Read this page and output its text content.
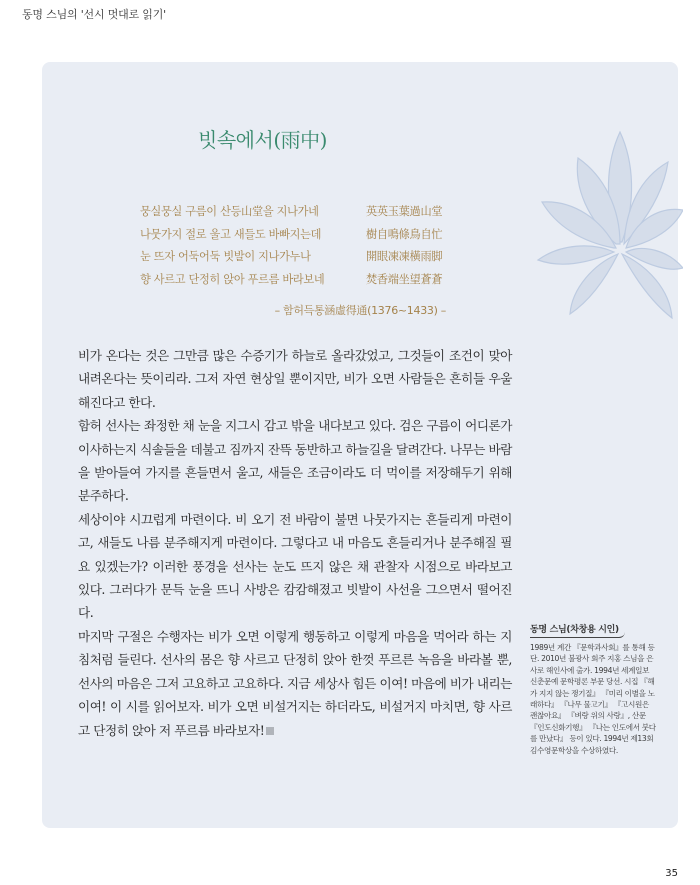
동명 스님의 '선시 멋대로 읽기'
빗속에서(雨中)
뭉실뭉실 구름이 산등山堂을 지나가네	英英玉葉過山堂
나뭇가지 절로 울고 새들도 바빠지는데	樹自鳴條鳥自忙
눈 뜨자 어둑어둑 빗발이 지나가누나	開眼凍凍橫雨脚
향 사르고 단정히 앉아 푸르름 바라보네	焚香端坐望蒼蒼
– 함허득통涵虛得通(1376~1433) –

비가 온다는 것은 그만큼 많은 수증기가 하늘로 올라갔었고, 그것들이 조건이 맞아 내려온다는 뜻이리라. 그저 자연 현상일 뿐이지만, 비가 오면 사람들은 흔히들 우울해진다고 한다.

함허 선사는 좌정한 채 눈을 지그시 감고 밖을 내다보고 있다. 검은 구름이 어디론가 이사하는지 식솔들을 데불고 짐까지 잔뜩 동반하고 하늘길을 달려간다. 나무는 바람을 받아들여 가지를 흔들면서 울고, 새들은 조금이라도 더 먹이를 저장해두기 위해 분주하다.

세상이야 시끄럽게 마련이다. 비 오기 전 바람이 불면 나뭇가지는 흔들리게 마련이고, 새들도 나름 분주해지게 마련이다. 그렇다고 내 마음도 흔들리거나 분주해질 필요 있겠는가? 이러한 풍경을 선사는 눈도 뜨지 않은 채 관찰자 시점으로 바라보고 있다. 그러다가 문득 눈을 뜨니 사방은 캄캄해졌고 빗발이 사선을 그으면서 떨어진다.

마지막 구절은 수행자는 비가 오면 이렇게 행동하고 이렇게 마음을 먹어라 하는 지침처럼 들린다. 선사의 몸은 향 사르고 단정히 앉아 한껏 푸르른 녹음을 바라볼 뿐, 선사의 마음은 그저 고요하고 고요하다. 지금 세상사 힘든 이여! 마음에 비가 내리는 이여! 이 시를 읽어보자. 비가 오면 비설거지는 하더라도, 비설거지 마치면, 향 사르고 단정히 앉아 저 푸르름 바라보자!

동명 스님(차창용 시인)
1989년 계간 『문학과사회』를 통해 등단. 2010년 불광사 회주 지홍 스님을 은사로 해인사에 출가. 1994년 세계일보 신춘문예 문학평론 부문 당선. 시집 『해가 지지 않는 쟁기질』 『미리 이별을 노래하다』 『나무 물고기』 『고시원은 괜찮아요』 『벼랑 위의 사랑』, 산문 『인도신화기행』 『나는 인도에서 붓다를 만났다』 등이 있다. 1994년 제13회 김수영문학상을 수상하였다.
35
